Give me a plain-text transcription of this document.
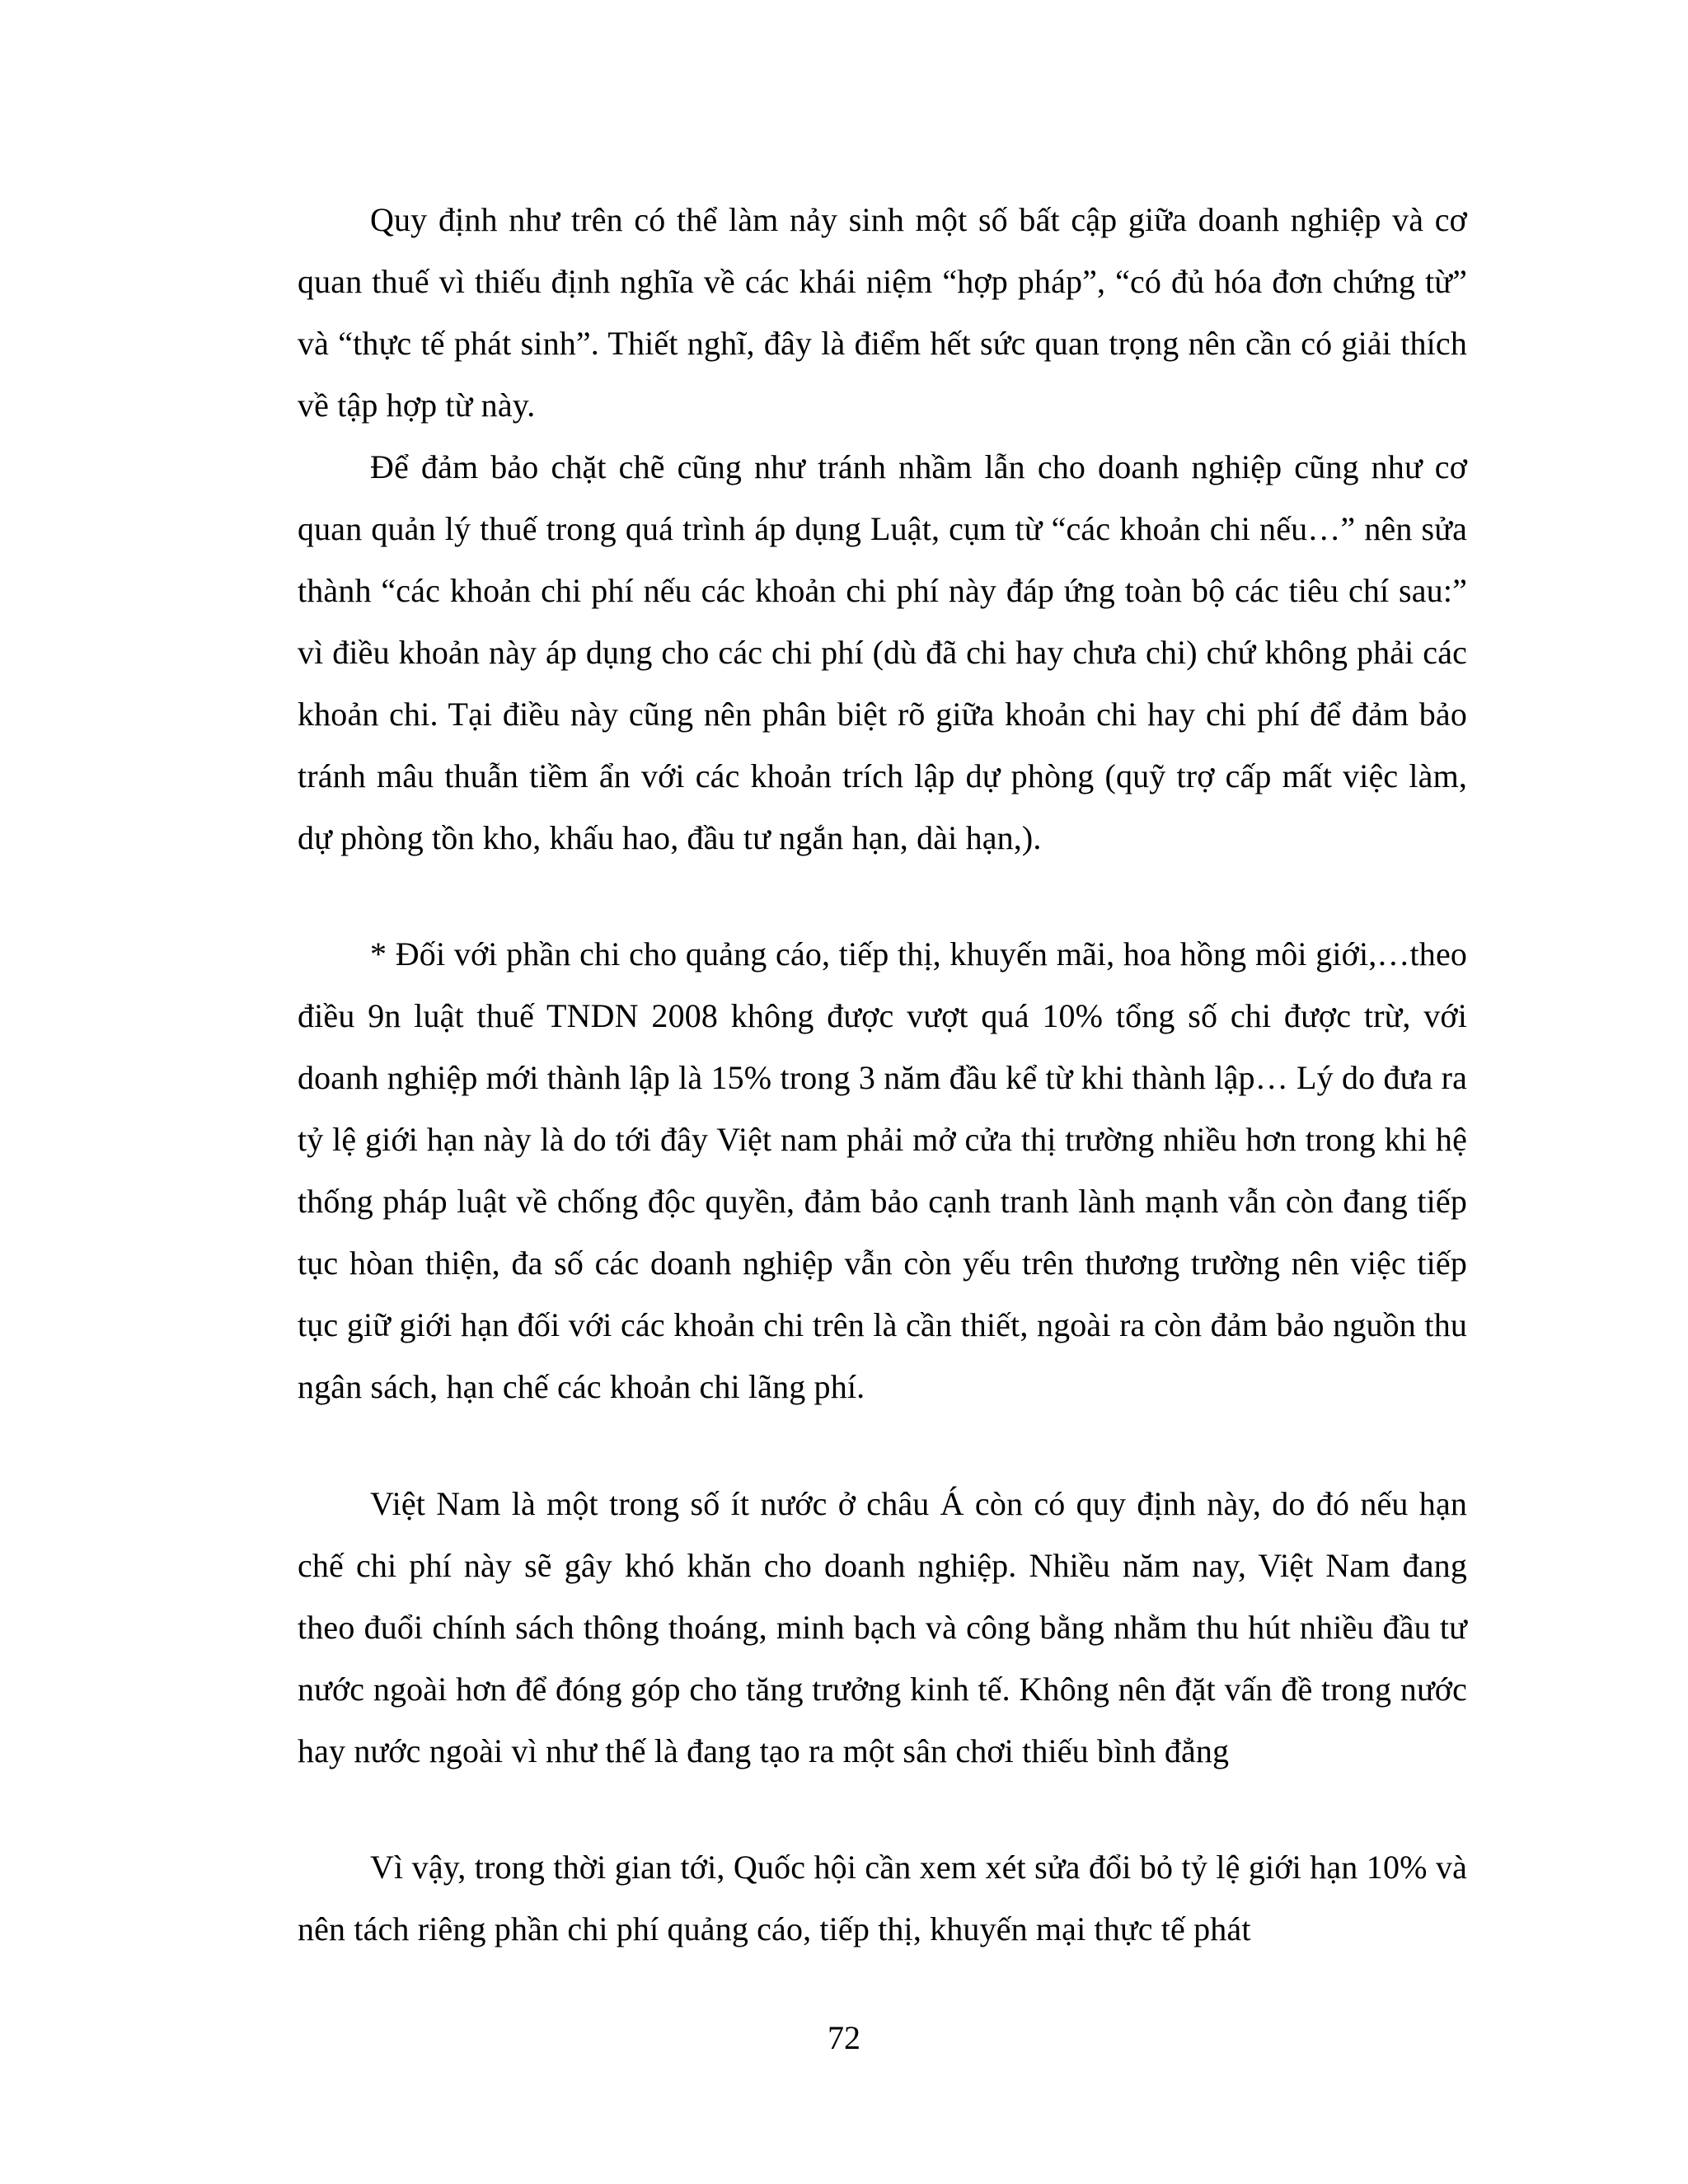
Quy định như trên có thể làm nảy sinh một số bất cập giữa doanh nghiệp và cơ quan thuế vì thiếu định nghĩa về các khái niệm “hợp pháp”, “có đủ hóa đơn chứng từ” và “thực tế phát sinh”. Thiết nghĩ, đây là điểm hết sức quan trọng nên cần có giải thích về tập hợp từ này.

Để đảm bảo chặt chẽ cũng như tránh nhầm lẫn cho doanh nghiệp cũng như cơ quan quản lý thuế trong quá trình áp dụng Luật, cụm từ “các khoản chi nếu…” nên sửa thành “các khoản chi phí nếu các khoản chi phí này đáp ứng toàn bộ các tiêu chí sau:” vì điều khoản này áp dụng cho các chi phí (dù đã chi hay chưa chi) chứ không phải các khoản chi. Tại điều này cũng nên phân biệt rõ giữa khoản chi hay chi phí để đảm bảo tránh mâu thuẫn tiềm ẩn với các khoản trích lập dự phòng (quỹ trợ cấp mất việc làm, dự phòng tồn kho, khấu hao, đầu tư ngắn hạn, dài hạn,).

* Đối với phần chi cho quảng cáo, tiếp thị, khuyến mãi, hoa hồng môi giới,…theo điều 9n luật thuế TNDN 2008 không được vượt quá 10% tổng số chi được trừ, với doanh nghiệp mới thành lập là 15% trong 3 năm đầu kể từ khi thành lập… Lý do đưa ra tỷ lệ giới hạn này là do tới đây Việt nam phải mở cửa thị trường nhiều hơn trong khi hệ thống pháp luật về chống độc quyền, đảm bảo cạnh tranh lành mạnh vẫn còn đang tiếp tục hòan thiện, đa số các doanh nghiệp vẫn còn yếu trên thương trường nên việc tiếp tục giữ giới hạn đối với các khoản chi trên là cần thiết, ngoài ra còn đảm bảo nguồn thu ngân sách, hạn chế các khoản chi lãng phí.

Việt Nam là một trong số ít nước ở châu Á còn có quy định này, do đó nếu hạn chế chi phí này sẽ gây khó khăn cho doanh nghiệp. Nhiều năm nay, Việt Nam đang theo đuổi chính sách thông thoáng, minh bạch và công bằng nhằm thu hút nhiều đầu tư nước ngoài hơn để đóng góp cho tăng trưởng kinh tế. Không nên đặt vấn đề trong nước hay nước ngoài vì như thế là đang tạo ra một sân chơi thiếu bình đẳng

Vì vậy, trong thời gian tới, Quốc hội cần xem xét sửa đổi bỏ tỷ lệ giới hạn 10% và nên tách riêng phần chi phí quảng cáo, tiếp thị, khuyến mại thực tế phát

72
